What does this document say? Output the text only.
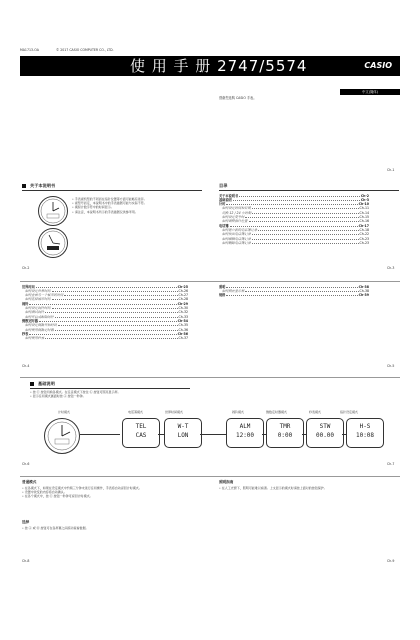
MA1713-OA	© 2017 CASIO COMPUTER CO., LTD.
使 用 手 册 2747/5574	CASIO
中文(简体)
感谢您选购 CASIO 手表。
Ch-1
关于本说明书
• 手表视机型的不同而在指针位置等方面可能略有差异。
• 视型号而定，本说明书中的手表插图可能与实际不符。
• 模拟计数字符中的时间显示。
• 请注意，本说明书所示的手表插图仅供参考用。
Ch-2
目录
关于本说明书	Ch-2
基础说明	Ch-3
计时	Ch-10
如何设定时间和日期	Ch-11
切换 12 / 24 小时制	Ch-14
如何设定夏令时	Ch-15
如何调整指针位置	Ch-16
电话簿	Ch-17
如何建立新的电话簿记录	Ch-18
如何找出电话簿记录	Ch-22
如何编辑电话簿记录	Ch-23
如何删除电话簿记录	Ch-23
Ch-3
世界时间	Ch-25
如何设定世界时间	Ch-26
如何查看另一个城市的时间	Ch-27
如何选择城市时间	Ch-28
闹铃	Ch-29
如何设定闹铃时间	Ch-30
如何测试闹铃	Ch-32
如何开启或解除闹铃	Ch-33
倒数定时器	Ch-34
如何设定倒数开始时间	Ch-35
如何使用倒数定时器	Ch-36
秒表	Ch-36
如何使用秒表	Ch-37
Ch-4
照明	Ch-38
如何照亮显示屏	Ch-38
规格	Ch-39
Ch-5
基础说明
• 按 Ⓒ 按钮切换各模式。在任意模式下按住 Ⓛ 按钮可照亮显示屏。
• 显示任何模式画面时按 Ⓐ 按钮一秒钟。
计时模式	电话簿模式	世界时间模式	闹铃模式	倒数定时器模式	秒表模式	指针设定模式
TEL
CAS
W-T
LON
ALM
12:00
TMR
0:00
STW
00.00
H-S
10:08
Ch-6	Ch-7
普通模式
• 在各模式下，如果在设定模式中约两三分钟未进行任何操作，手表将自动返回计时模式。
• 设置中改变的内容将自动确认。
• 在各个模式中，按 Ⓒ 按钮一秒钟可返回计时模式。
选择
• 按 Ⓐ 或 Ⓓ 按钮可在各屏幕之间滚动查看数据。
Ch-8
照明指南
• 在人工光源下，照明可能难以看清。上文显示的模式时请按上面对的按钮保护。
Ch-9
